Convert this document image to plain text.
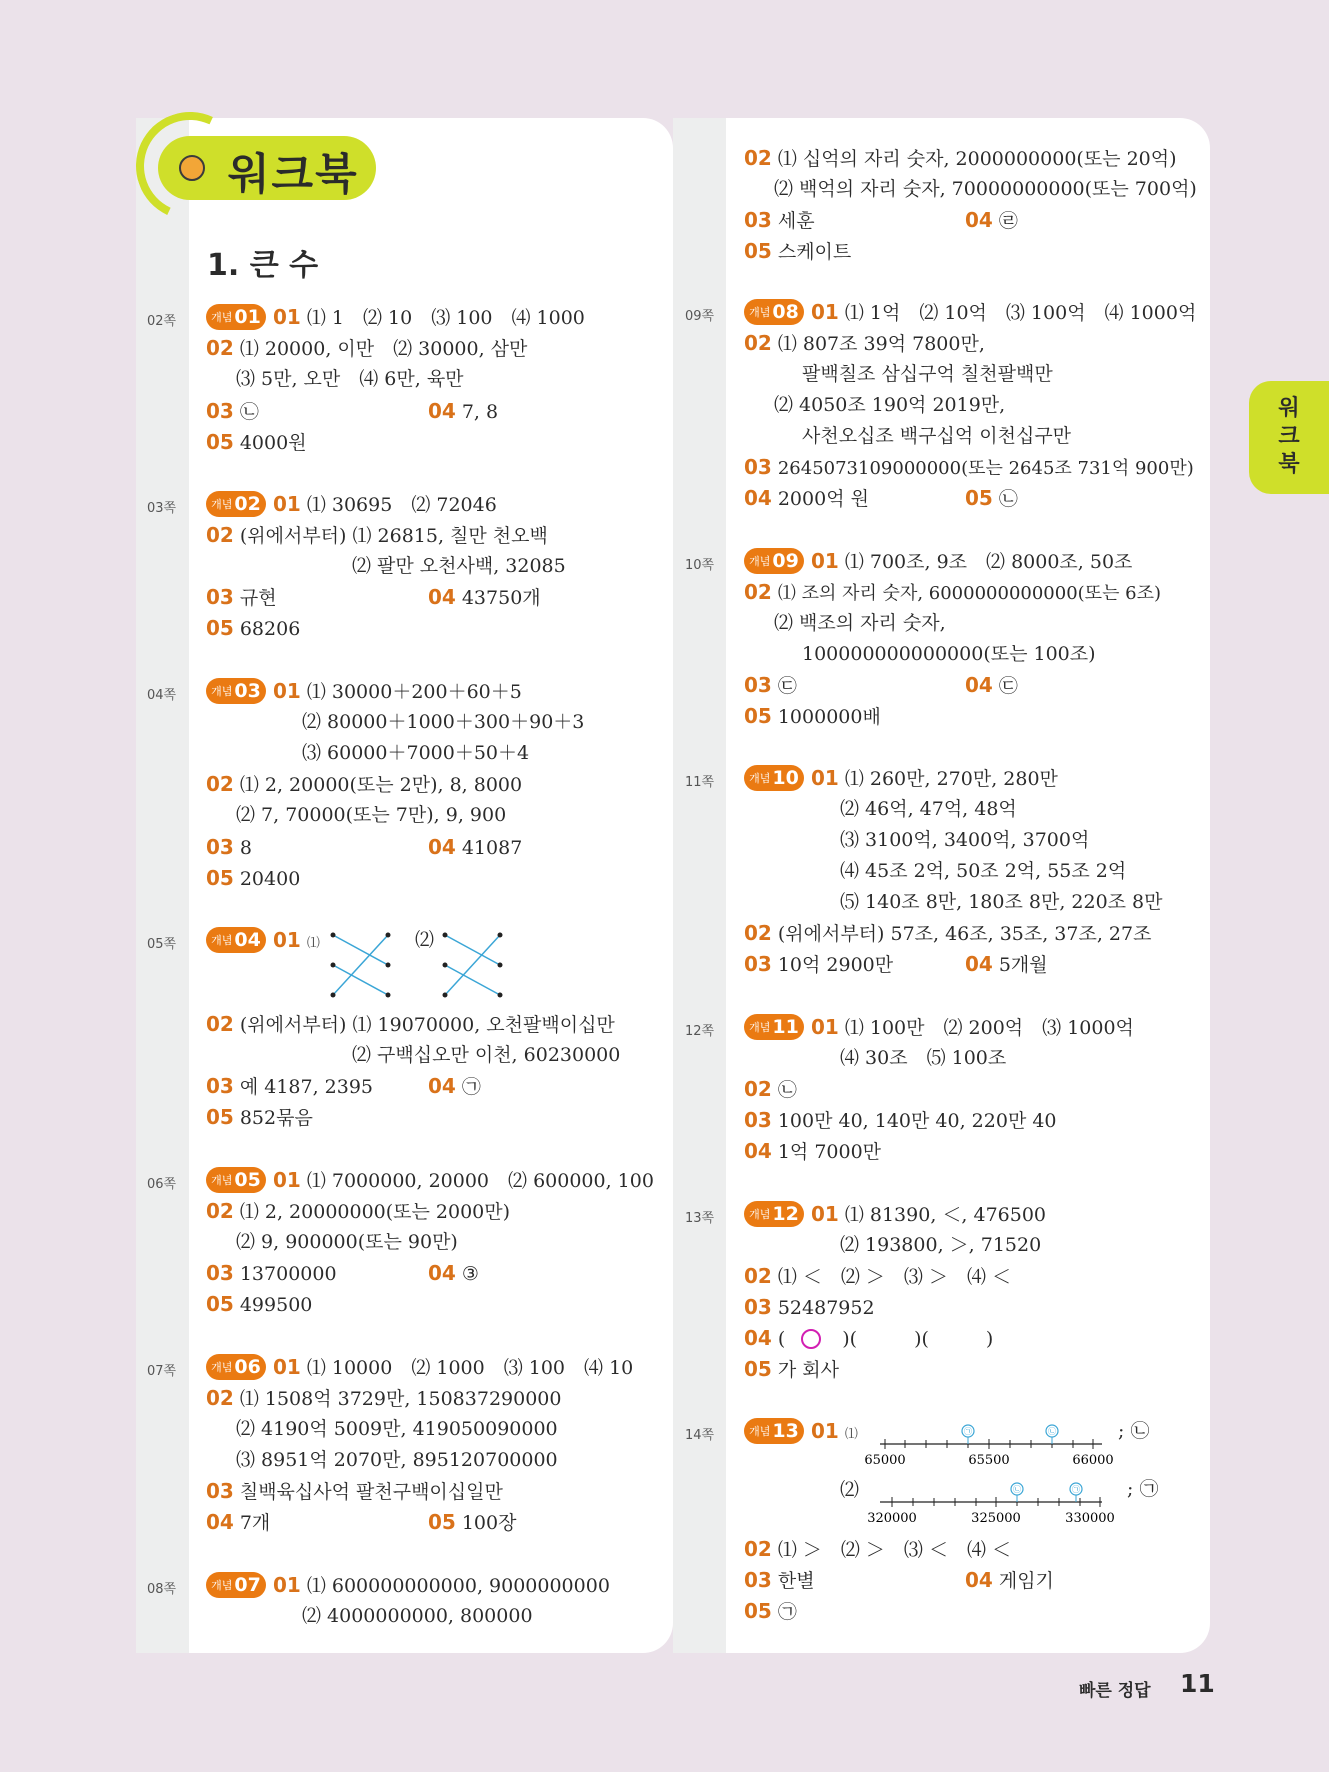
워크북
1. 큰 수
워크북
02쪽	개념 01 01 ⑴ 1　⑵ 10　⑶ 100　⑷ 1000
02 ⑴ 20000, 이만　⑵ 30000, 삼만
⑶ 5만, 오만　⑷ 6만, 육만
03 ㉡	04 7, 8
05 4000원
03쪽	개념 02 01 ⑴ 30695　⑵ 72046
02 (위에서부터) ⑴ 26815, 칠만 천오백
⑵ 팔만 오천사백, 32085
03 규현	04 43750개
05 68206
04쪽	개념 03 01 ⑴ 30000＋200＋60＋5
⑵ 80000＋1000＋300＋90＋3
⑶ 60000＋7000＋50＋4
02 ⑴ 2, 20000(또는 2만), 8, 8000
⑵ 7, 70000(또는 7만), 9, 900
03 8	04 41087
05 20400
05쪽	개념 04 01 ⑴	⑵
02 (위에서부터) ⑴ 19070000, 오천팔백이십만
⑵ 구백십오만 이천, 60230000
03 예 4187, 2395	04 ㉠
05 852묶음
06쪽	개념 05 01 ⑴ 7000000, 20000　⑵ 600000, 100
02 ⑴ 2, 20000000(또는 2000만)
⑵ 9, 900000(또는 90만)
03 13700000	04 ③
05 499500
07쪽	개념 06 01 ⑴ 10000　⑵ 1000　⑶ 100　⑷ 10
02 ⑴ 1508억 3729만, 150837290000
⑵ 4190억 5009만, 419050090000
⑶ 8951억 2070만, 895120700000
03 칠백육십사억 팔천구백이십일만
04 7개	05 100장
08쪽	개념 07 01 ⑴ 600000000000, 9000000000
⑵ 4000000000, 800000
02 ⑴ 십억의 자리 숫자, 2000000000(또는 20억)
⑵ 백억의 자리 숫자, 70000000000(또는 700억)
03 세훈	04 ㉣
05 스케이트
09쪽	개념 08 01 ⑴ 1억　⑵ 10억　⑶ 100억　⑷ 1000억
02 ⑴ 807조 39억 7800만,
팔백칠조 삼십구억 칠천팔백만
⑵ 4050조 190억 2019만,
사천오십조 백구십억 이천십구만
03 2645073109000000(또는 2645조 731억 900만)
04 2000억 원	05 ㉡
10쪽	개념 09 01 ⑴ 700조, 9조　⑵ 8000조, 50조
02 ⑴ 조의 자리 숫자, 6000000000000(또는 6조)
⑵ 백조의 자리 숫자,
100000000000000(또는 100조)
03 ㉢	04 ㉢
05 1000000배
11쪽	개념 10 01 ⑴ 260만, 270만, 280만
⑵ 46억, 47억, 48억
⑶ 3100억, 3400억, 3700억
⑷ 45조 2억, 50조 2억, 55조 2억
⑸ 140조 8만, 180조 8만, 220조 8만
02 (위에서부터) 57조, 46조, 35조, 37조, 27조
03 10억 2900만	04 5개월
12쪽	개념 11 01 ⑴ 100만　⑵ 200억　⑶ 1000억
⑷ 30조　⑸ 100조
02 ㉡
03 100만 40, 140만 40, 220만 40
04 1억 7000만
13쪽	개념 12 01 ⑴ 81390, ＜, 476500
⑵ 193800, ＞, 71520
02 ⑴ ＜　⑵ ＞　⑶ ＞　⑷ ＜
03 52487952
04 (　　　)(　　　)(　　　)
05 가 회사
14쪽	개념 13 01 ⑴	㉠	㉡
65000	65500	66000
; ㉡
⑵	㉡	㉠
320000	325000	330000
; ㉠
02 ⑴ ＞　⑵ ＞　⑶ ＜　⑷ ＜
03 한별	04 게임기
05 ㉠
빠른 정답 11
